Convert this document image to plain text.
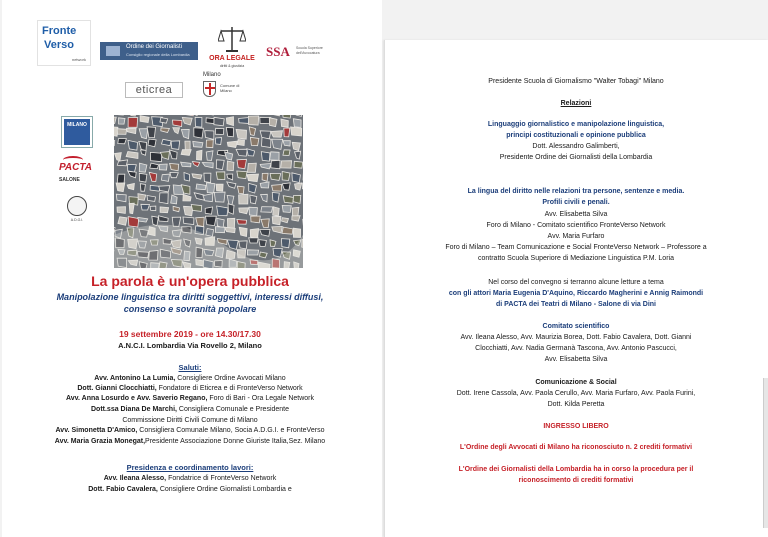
Fronte
Verso
network
Ordine dei Giornalisti
Consiglio regionale della Lombardia
ORA LEGALE
diritti & giustizia
SSA Scuola Superiore dell'Avvocatura
eticrea
Milano
Comune di Milano
MILANO
PACTA
SALONE
A.D.G.I.
La parola è un'opera pubblica
Manipolazione linguistica tra diritti soggettivi, interessi diffusi,
consenso e sovranità popolare
19 settembre 2019 - ore 14.30/17.30
A.N.C.I. Lombardia Via Rovello 2, Milano
Saluti:
Avv. Antonino La Lumia, Consigliere Ordine Avvocati Milano
Dott. Gianni Clocchiatti, Fondatore di Eticrea e di FronteVerso Network
Avv. Anna Losurdo e Avv. Saverio Regano, Foro di Bari - Ora Legale Network
Dott.ssa Diana De Marchi, Consigliera Comunale e Presidente
Commissione Diritti Civili Comune di Milano
Avv. Simonetta D'Amico, Consigliera Comunale Milano, Socia A.D.G.I. e FronteVerso
Avv. Maria Grazia Monegat,Presidente Associazione Donne Giuriste Italia,Sez. Milano
Presidenza e coordinamento lavori:
Avv. Ileana Alesso, Fondatrice di FronteVerso Network
Dott. Fabio Cavalera, Consigliere Ordine Giornalisti Lombardia e
Presidente Scuola di Giornalismo "Walter Tobagi" Milano
Relazioni
Linguaggio giornalistico e manipolazione linguistica,
principi costituzionali e opinione pubblica
Dott. Alessandro Galimberti,
Presidente Ordine dei Giornalisti della Lombardia
La lingua del diritto nelle relazioni tra persone, sentenze e media.
Profili civili e penali.
Avv. Elisabetta Silva
Foro di Milano - Comitato scientifico FronteVerso Network
Avv. Maria Furfaro
Foro di Milano – Team Comunicazione e Social FronteVerso Network – Professore a
contratto Scuola Superiore di Mediazione Linguistica P.M. Loria
Nel corso del convegno si terranno alcune letture a tema
con gli attori Maria Eugenia D'Aquino, Riccardo Magherini e Annig Raimondi
di PACTA dei Teatri di Milano - Salone di via Dini
Comitato scientifico
Avv. Ileana Alesso, Avv. Maurizia Borea, Dott. Fabio Cavalera, Dott. Gianni
Clocchiatti, Avv. Nadia Germanà Tascona, Avv. Antonio Pascucci,
Avv. Elisabetta Silva
Comunicazione & Social
Dott. Irene Cassola, Avv. Paola Cerullo, Avv. Maria Furfaro, Avv. Paola Furini,
Dott. Kilda Peretta
INGRESSO LIBERO
L'Ordine degli Avvocati di Milano ha riconosciuto n. 2 crediti formativi
L'Ordine dei Giornalisti della Lombardia ha in corso la procedura per il
riconoscimento di crediti formativi
